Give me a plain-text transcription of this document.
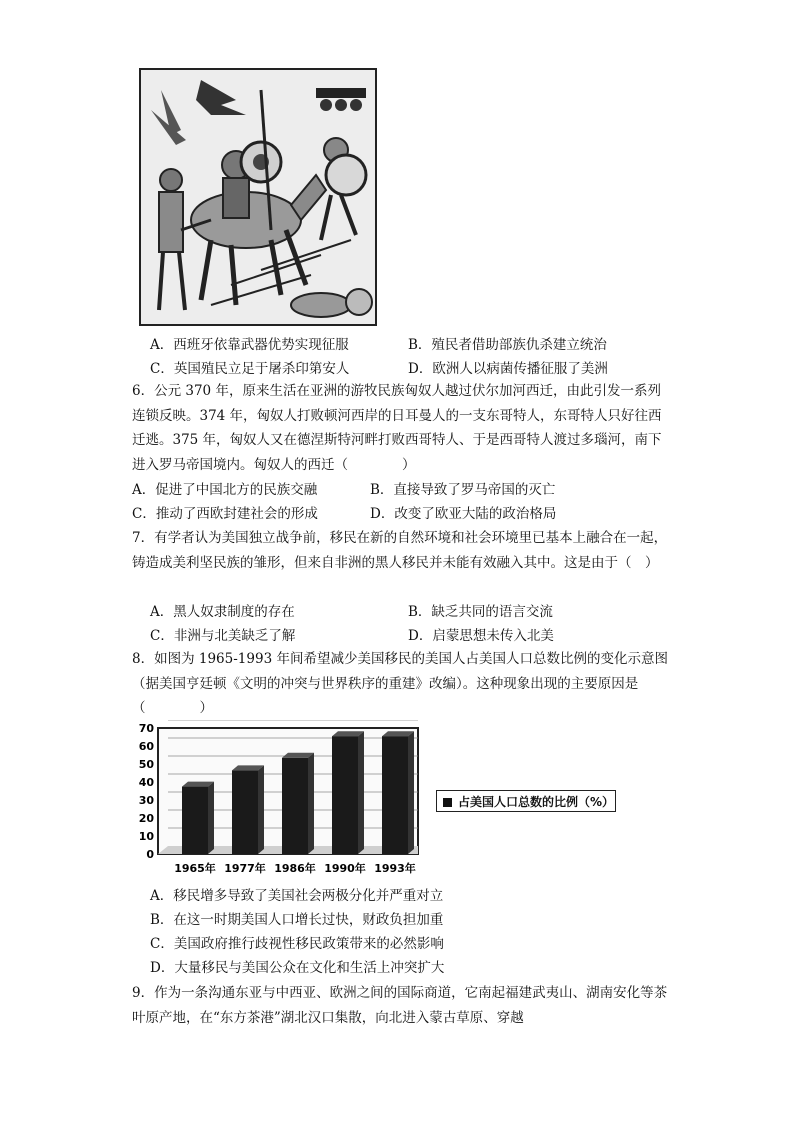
A．西班牙依靠武器优势实现征服	B．殖民者借助部族仇杀建立统治
C．英国殖民立足于屠杀印第安人	D．欧洲人以病菌传播征服了美洲
6．公元 370 年，原来生活在亚洲的游牧民族匈奴人越过伏尔加河西迁，由此引发一系列连锁反映。374 年，匈奴人打败顿河西岸的日耳曼人的一支东哥特人，东哥特人只好往西迁逃。375 年，匈奴人又在德涅斯特河畔打败西哥特人、于是西哥特人渡过多瑙河，南下进入罗马帝国境内。匈奴人的西迁（　　　　）
A．促进了中国北方的民族交融	B．直接导致了罗马帝国的灭亡
C．推动了西欧封建社会的形成	D．改变了欧亚大陆的政治格局
7．有学者认为美国独立战争前，移民在新的自然环境和社会环境里已基本上融合在一起，铸造成美利坚民族的雏形，但来自非洲的黑人移民并未能有效融入其中。这是由于（　）
A．黑人奴隶制度的存在	B．缺乏共同的语言交流
C．非洲与北美缺乏了解	D．启蒙思想未传入北美
8．如图为 1965-1993 年间希望减少美国移民的美国人占美国人口总数比例的变化示意图（据美国亨廷顿《文明的冲突与世界秩序的重建》改编）。这种现象出现的主要原因是（　　　　）
0
10
20
30
40
50
60
70
1965年 1977年 1986年 1990年 1993年
占美国人口总数的比例（%）
A．移民增多导致了美国社会两极分化并严重对立
B．在这一时期美国人口增长过快，财政负担加重
C．美国政府推行歧视性移民政策带来的必然影响
D．大量移民与美国公众在文化和生活上冲突扩大
9．作为一条沟通东亚与中西亚、欧洲之间的国际商道，它南起福建武夷山、湖南安化等茶叶原产地，在“东方茶港”湖北汉口集散，向北进入蒙古草原、穿越
